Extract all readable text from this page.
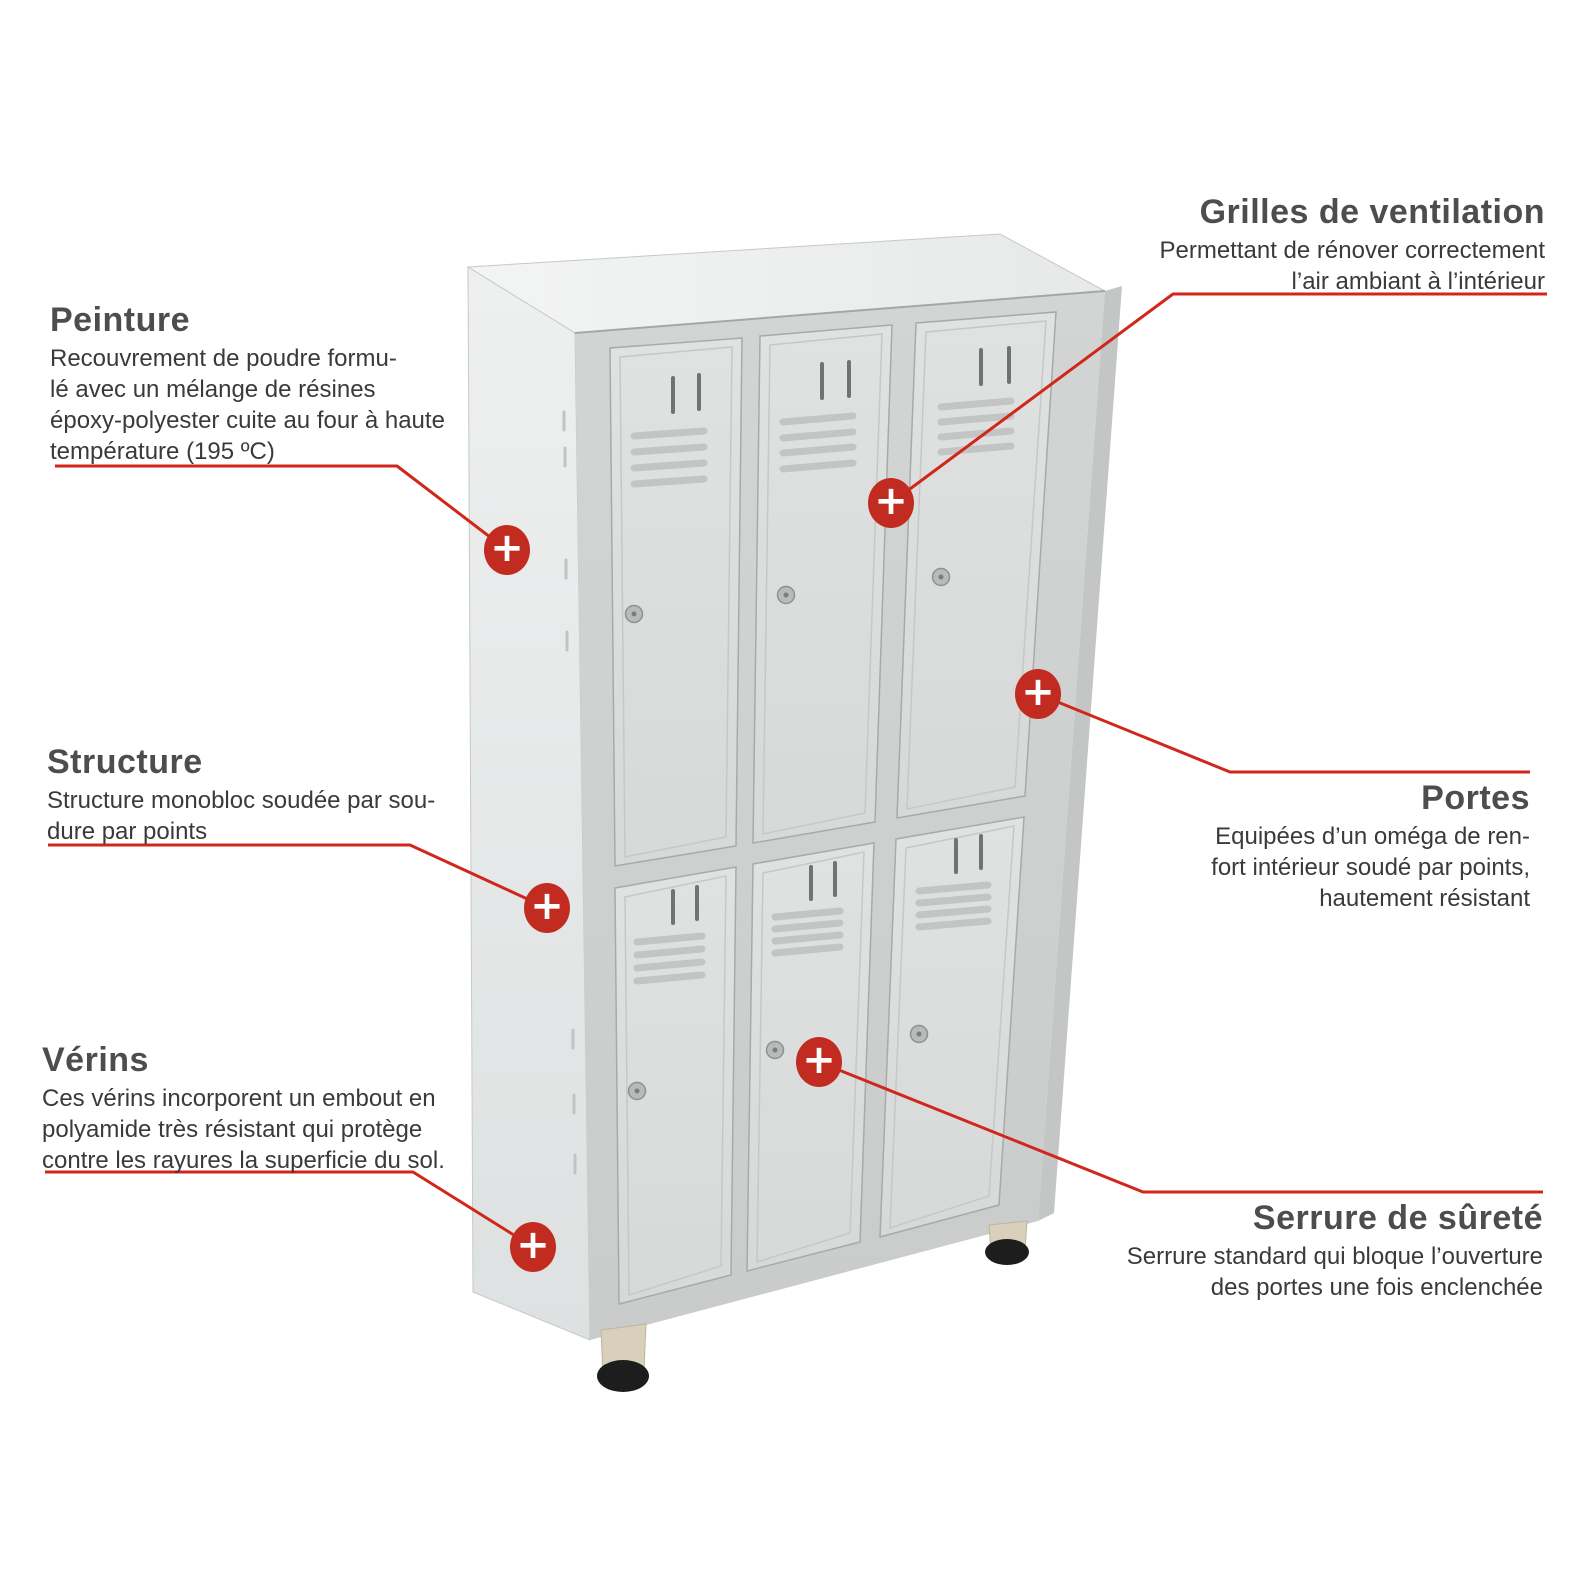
+
+
+
+
+
+
Grilles de ventilation
Permettant de rénover correctement
l’air ambiant à l’intérieur
Peinture
Recouvrement de poudre formu-
lé avec un mélange de résines
époxy-polyester cuite au four à haute
température (195 ºC)
Structure
Structure monobloc soudée par sou-
dure par points
Vérins
Ces vérins incorporent un embout en
polyamide très résistant qui protège
contre les rayures la superficie du sol.
Portes
Equipées d’un oméga de ren-
fort intérieur soudé par points,
hautement résistant
Serrure de sûreté
Serrure standard qui bloque l’ouverture
des portes une fois enclenchée
